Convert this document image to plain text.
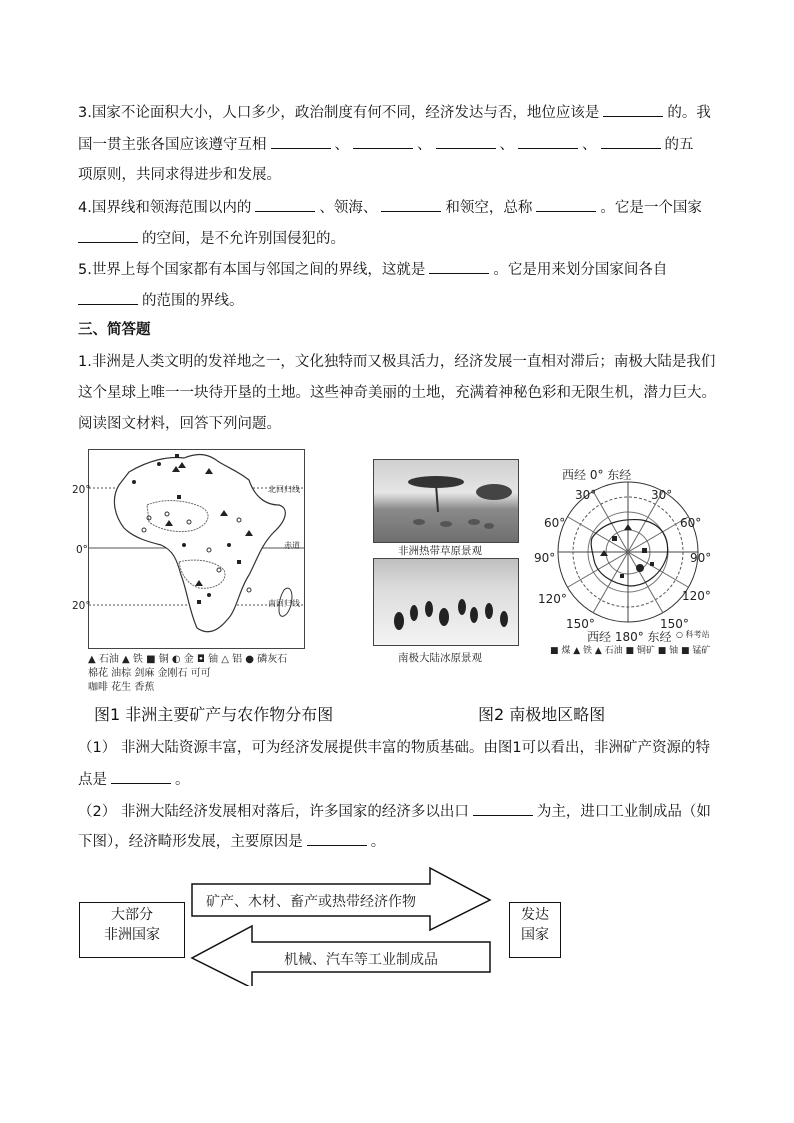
3.国家不论面积大小，人口多少，政治制度有何不同，经济发达与否，地位应该是	的。我
国一贯主张各国应该遵守互相	、	、	、	、	的五
项原则，共同求得进步和发展。
4.国界线和领海范围以内的	、领海、	和领空，总称	。它是一个国家
的空间，是不允许别国侵犯的。
5.世界上每个国家都有本国与邻国之间的界线，这就是	。它是用来划分国家间各自
的范围的界线。
三、简答题
1.非洲是人类文明的发祥地之一，文化独特而又极具活力，经济发展一直相对滞后；南极大陆是我们
这个星球上唯一一块待开垦的土地。这些神奇美丽的土地，充满着神秘色彩和无限生机，潜力巨大。
阅读图文材料，回答下列问题。
20°
0°
20°
北回归线
赤道
南回归线
▲ 石油 ▲ 铁 ■ 铜 ◐ 金 ◘ 铀 △ 铝 ● 磷灰石
棉花 油棕 剑麻 金刚石 可可
咖啡 花生 香蕉
图1 非洲主要矿产与农作物分布图
非洲热带草原景观
南极大陆冰原景观
西经 0° 东经
30°	30°
60°	60°
90°	90°
120°	120°
150°	150°
西经 180° 东经
■ 煤 ▲ 铁 ▲ 石油 ■ 铜矿 ■ 铀 ■ 锰矿
○ 科考站
图2 南极地区略图
（1） 非洲大陆资源丰富，可为经济发展提供丰富的物质基础。由图1可以看出，非洲矿产资源的特
点是	。
（2） 非洲大陆经济发展相对落后，许多国家的经济多以出口	为主，进口工业制成品（如
下图），经济畸形发展，主要原因是	。
大部分
非洲国家
发达
国家
矿产、木材、畜产或热带经济作物
机械、汽车等工业制成品
